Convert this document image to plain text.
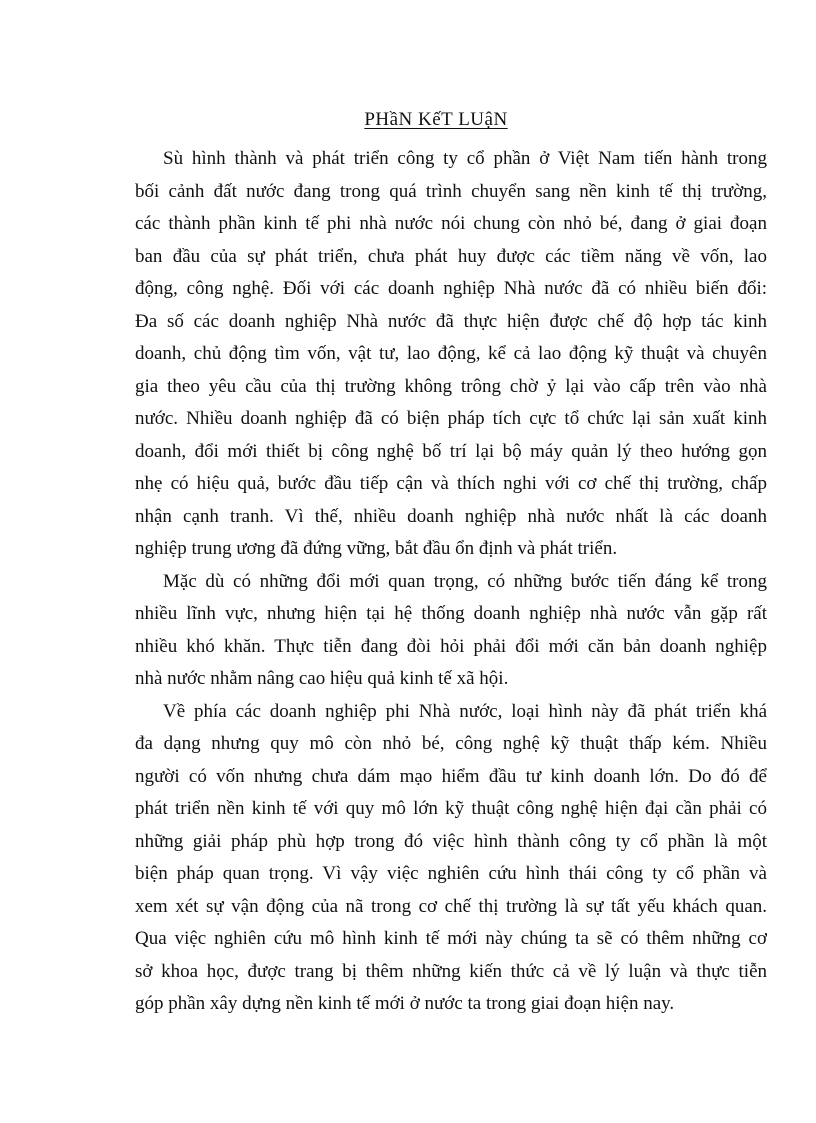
PHầN KếT LUậN
Sù hình thành và phát triển công ty cổ phần ở Việt Nam tiến hành trong
bối cảnh đất nước đang trong quá trình chuyển sang nền kinh tế thị trường,
các thành phần kinh tế phi nhà nước nói chung còn nhỏ bé, đang ở giai đoạn
ban đầu của sự phát triển, chưa phát huy được các tiềm năng về vốn, lao
động, công nghệ. Đối với các doanh nghiệp Nhà nước đã có nhiều biến đổi:
Đa số các doanh nghiệp Nhà nước đã thực hiện được chế độ hợp tác kinh
doanh, chủ động tìm vốn, vật tư, lao động, kể cả lao động kỹ thuật và chuyên
gia theo yêu cầu của thị trường không trông chờ ỷ lại vào cấp trên vào nhà
nước. Nhiều doanh nghiệp đã có biện pháp tích cực tổ chức lại sản xuất kinh
doanh, đổi mới thiết bị công nghệ bố trí lại bộ máy quản lý theo hướng gọn
nhẹ có hiệu quả, bước đầu tiếp cận và thích nghi với cơ chế thị trường, chấp
nhận cạnh tranh. Vì thế, nhiều doanh nghiệp nhà nước nhất là các doanh
nghiệp trung ương đã đứng vững, bắt đầu ổn định và phát triển.
Mặc dù có những đổi mới quan trọng, có những bước tiến đáng kể trong
nhiều lĩnh vực, nhưng hiện tại hệ thống doanh nghiệp nhà nước vẫn gặp rất
nhiều khó khăn. Thực tiễn đang đòi hỏi phải đổi mới căn bản doanh nghiệp
nhà nước nhằm nâng cao hiệu quả kinh tế xã hội.
Về phía các doanh nghiệp phi Nhà nước, loại hình này đã phát triển khá
đa dạng nhưng quy mô còn nhỏ bé, công nghệ kỹ thuật thấp kém. Nhiều
người có vốn nhưng chưa dám mạo hiểm đầu tư kinh doanh lớn. Do đó để
phát triển nền kinh tế với quy mô lớn kỹ thuật công nghệ hiện đại cần phải có
những giải pháp phù hợp trong đó việc hình thành công ty cổ phần là một
biện pháp quan trọng. Vì vậy việc nghiên cứu hình thái công ty cổ phần và
xem xét sự vận động của nã trong cơ chế thị trường là sự tất yếu khách quan.
Qua việc nghiên cứu mô hình kinh tế mới này chúng ta sẽ có thêm những cơ
sở khoa học, được trang bị thêm những kiến thức cả về lý luận và thực tiễn
góp phần xây dựng nền kinh tế mới ở nước ta trong giai đoạn hiện nay.
